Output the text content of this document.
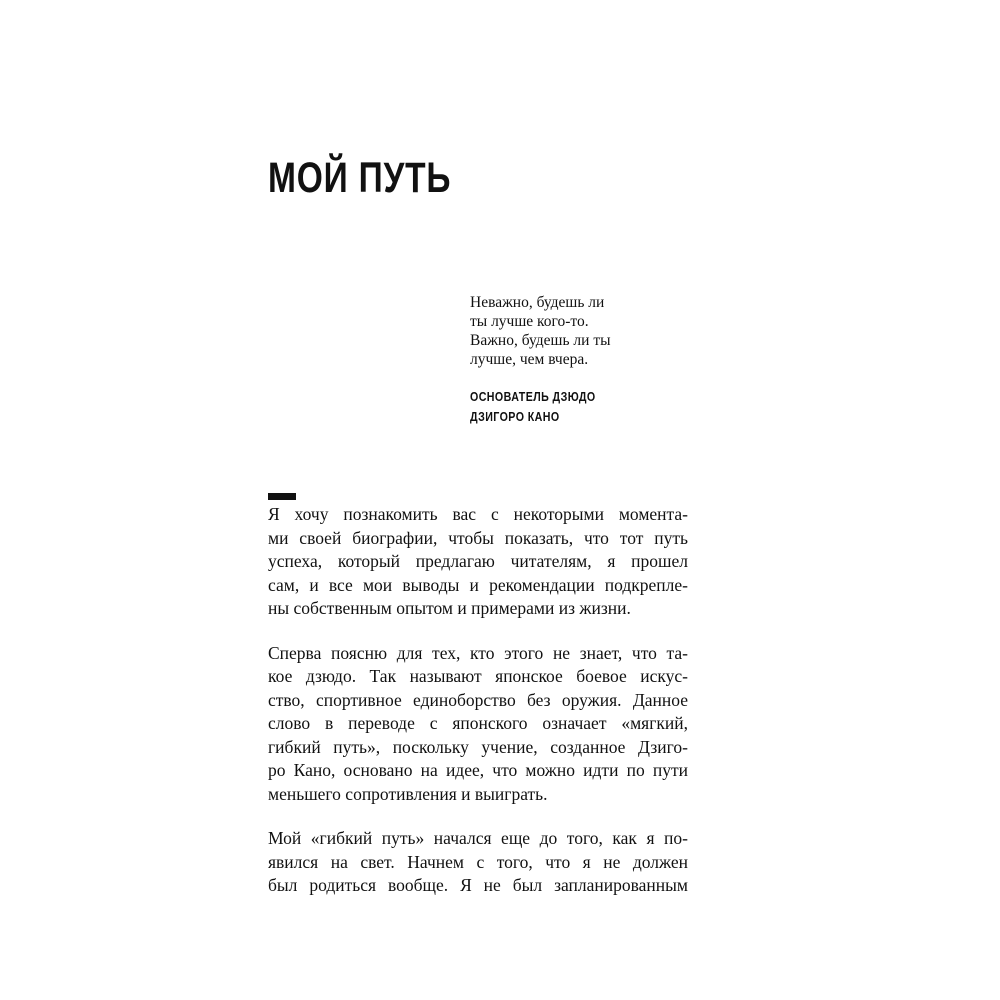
МОЙ ПУТЬ
Неважно, будешь ли
ты лучше кого-то.
Важно, будешь ли ты
лучше, чем вчера.
ОСНОВАТЕЛЬ ДЗЮДО
ДЗИГОРО КАНО

Я хочу познакомить вас с некоторыми момента-
ми своей биографии, чтобы показать, что тот путь
успеха, который предлагаю читателям, я прошел
сам, и все мои выводы и рекомендации подкрепле-
ны собственным опытом и примерами из жизни.

Сперва поясню для тех, кто этого не знает, что та-
кое дзюдо. Так называют японское боевое искус-
ство, спортивное единоборство без оружия. Данное
слово в переводе с японского означает «мягкий,
гибкий путь», поскольку учение, созданное Дзиго-
ро Кано, основано на идее, что можно идти по пути
меньшего сопротивления и выиграть.

Мой «гибкий путь» начался еще до того, как я по-
явился на свет. Начнем с того, что я не должен
был родиться вообще. Я не был запланированным
